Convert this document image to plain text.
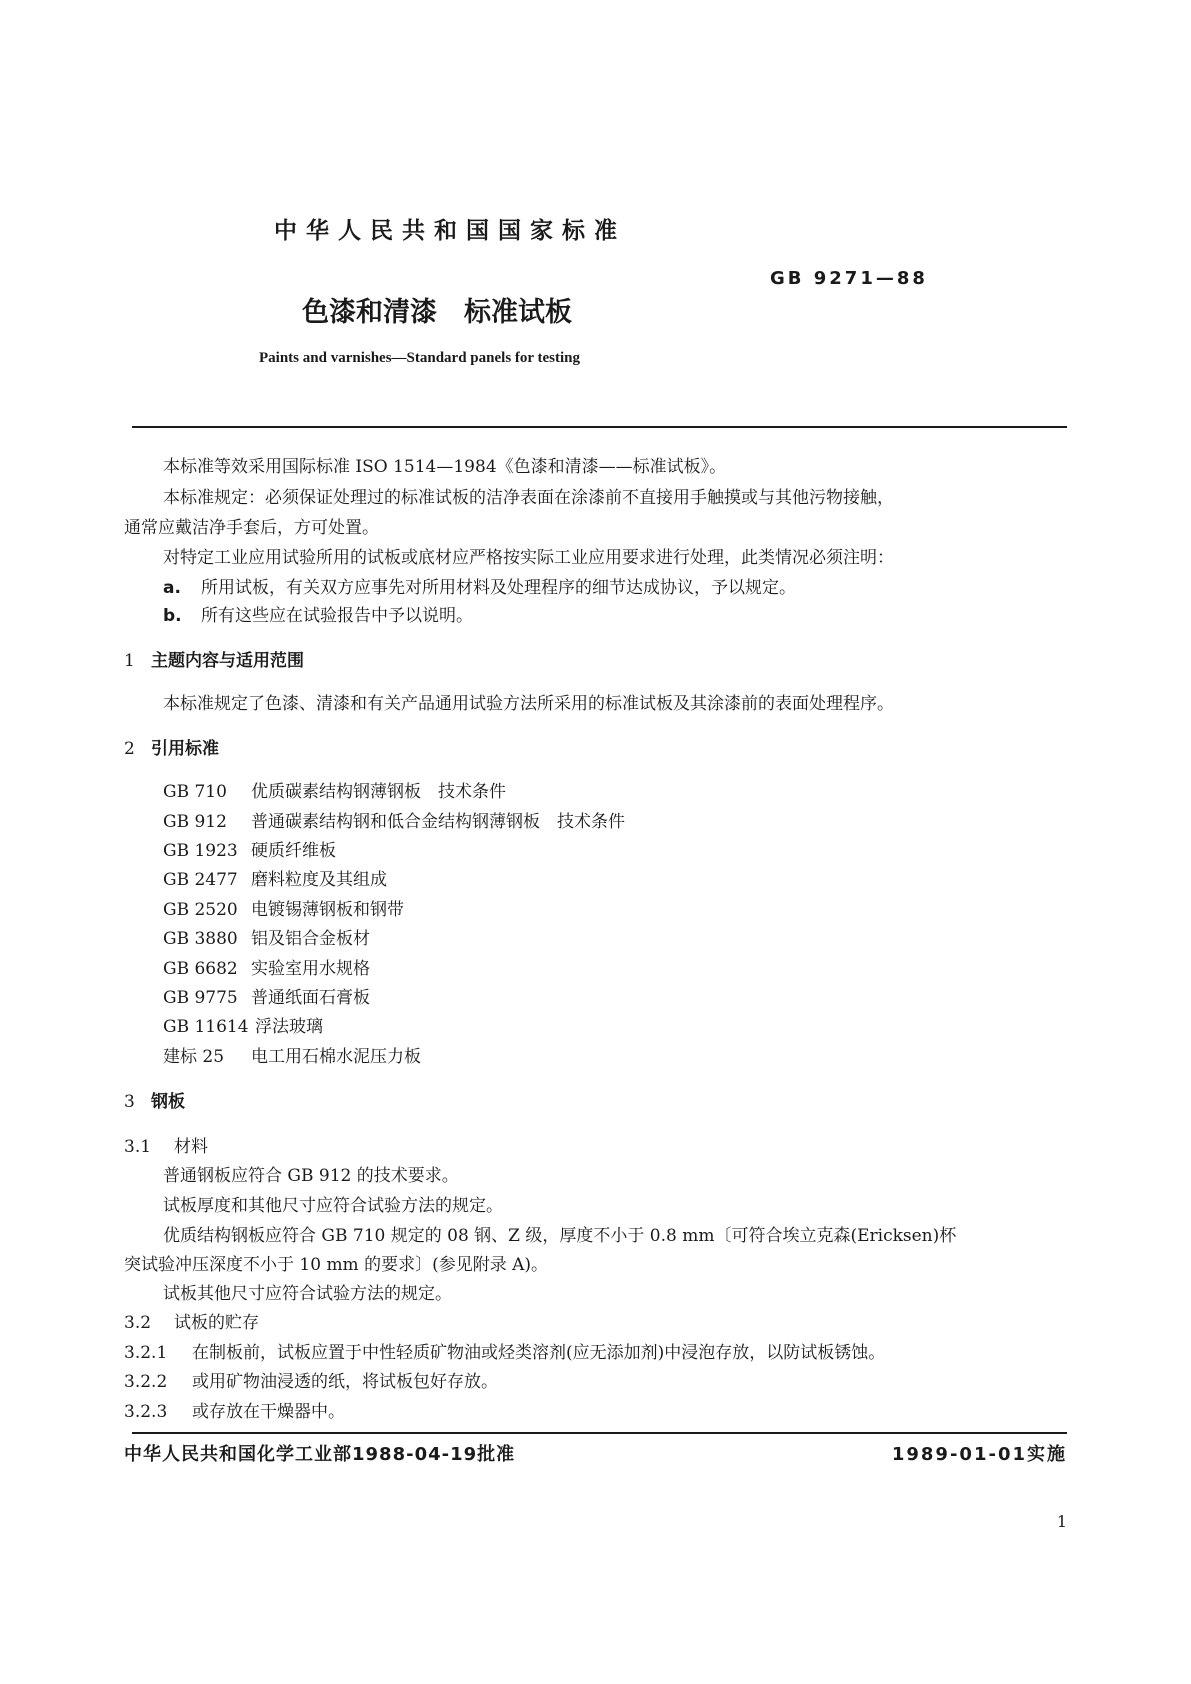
中华人民共和国国家标准
GB 9271—88
色漆和清漆　标准试板
Paints and varnishes—Standard panels for testing
本标准等效采用国际标准 ISO 1514—1984《色漆和清漆——标准试板》。
本标准规定：必须保证处理过的标准试板的洁净表面在涂漆前不直接用手触摸或与其他污物接触，
通常应戴洁净手套后，方可处置。
对特定工业应用试验所用的试板或底材应严格按实际工业应用要求进行处理，此类情况必须注明：
a. 所用试板，有关双方应事先对所用材料及处理程序的细节达成协议，予以规定。
b. 所有这些应在试验报告中予以说明。
1 主题内容与适用范围
本标准规定了色漆、清漆和有关产品通用试验方法所采用的标准试板及其涂漆前的表面处理程序。
2 引用标准
GB 710 优质碳素结构钢薄钢板　技术条件
GB 912 普通碳素结构钢和低合金结构钢薄钢板　技术条件
GB 1923 硬质纤维板
GB 2477 磨料粒度及其组成
GB 2520 电镀锡薄钢板和钢带
GB 3880 铝及铝合金板材
GB 6682 实验室用水规格
GB 9775 普通纸面石膏板
GB 11614 浮法玻璃
建标 25 电工用石棉水泥压力板
3 钢板
3.1 材料
普通钢板应符合 GB 912 的技术要求。
试板厚度和其他尺寸应符合试验方法的规定。
优质结构钢板应符合 GB 710 规定的 08 钢、Z 级，厚度不小于 0.8 mm〔可符合埃立克森(Ericksen)杯
突试验冲压深度不小于 10 mm 的要求〕(参见附录 A)。
试板其他尺寸应符合试验方法的规定。
3.2 试板的贮存
3.2.1 在制板前，试板应置于中性轻质矿物油或烃类溶剂(应无添加剂)中浸泡存放，以防试板锈蚀。
3.2.2 或用矿物油浸透的纸，将试板包好存放。
3.2.3 或存放在干燥器中。
中华人民共和国化学工业部1988-04-19批准	1989-01-01实施
1
